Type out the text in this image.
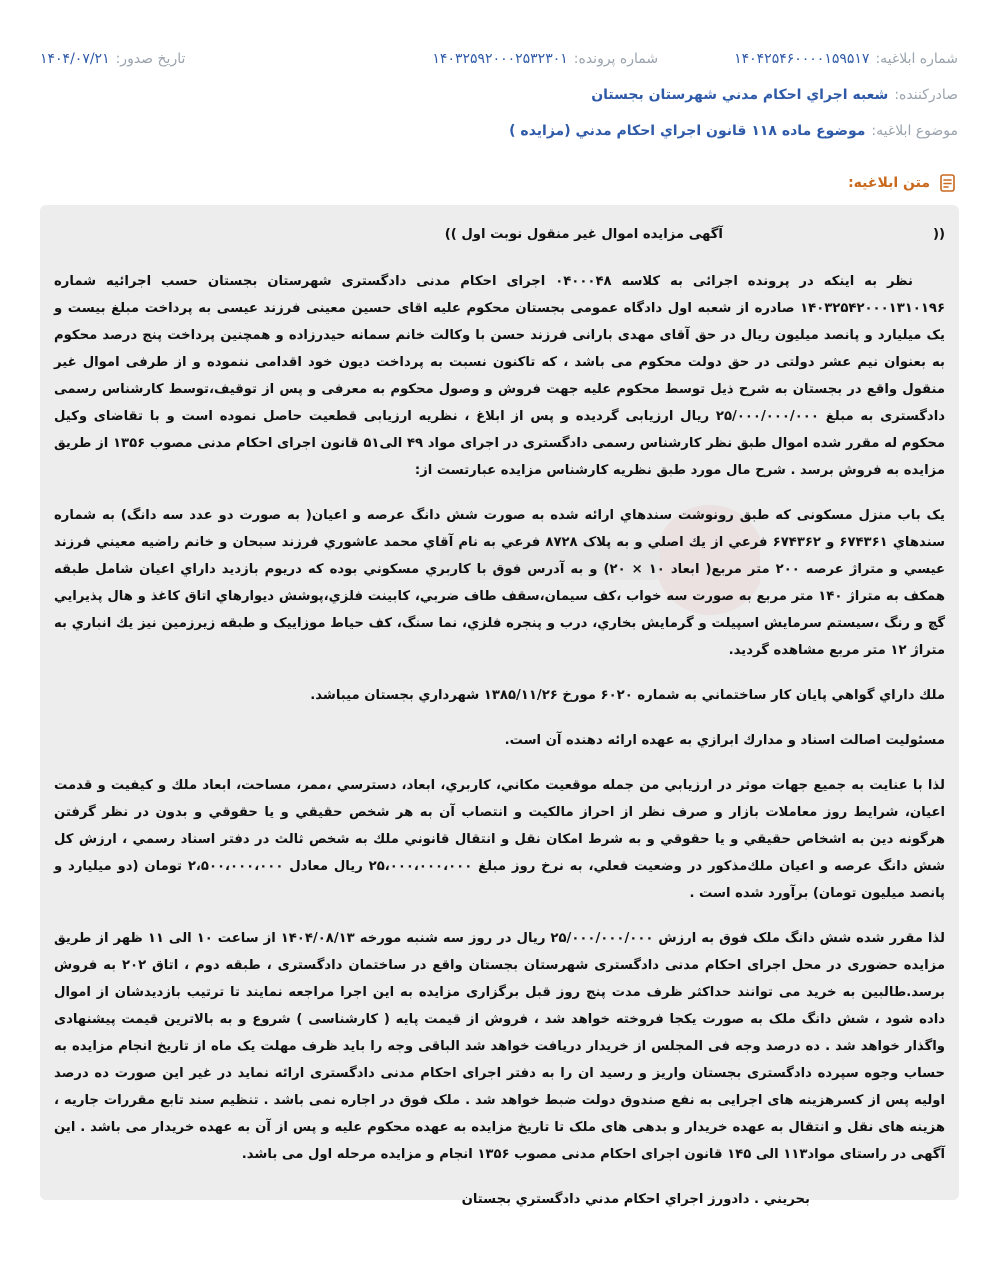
شماره ابلاغيه:
۱۴۰۴۲۵۴۶۰۰۰۰۱۵۹۵۱۷
شماره پرونده:
۱۴۰۳۲۵۹۲۰۰۰۲۵۳۲۳۰۱
تاريخ صدور:
۱۴۰۴/۰۷/۲۱
صادرکننده:
شعبه اجراي احکام مدني شهرستان بجستان
موضوع ابلاغيه:
موضوع ماده ۱۱۸ قانون اجراي احکام مدني (مزايده )
متن ابلاغيه:

((
آگهی مزایده اموال غیر منقول نوبت اول ))

نظر به اینکه در پرونده اجرائی به کلاسه ۰۴۰۰۰۴۸ اجرای احکام مدنی دادگستری شهرستان بجستان حسب اجرائیه شماره ۱۴۰۳۲۵۴۲۰۰۰۱۳۱۰۱۹۶ صادره از شعبه اول دادگاه عمومی بجستان محکوم علیه اقای حسین معینی فرزند عیسی به پرداخت مبلغ بیست و یک میلیارد و پانصد میلیون ریال در حق آقای مهدی بارانی فرزند حسن با وکالت خانم سمانه حیدرزاده و همچنین پرداخت پنج درصد محکوم به بعنوان نیم عشر دولتی در حق دولت محکوم می باشد ، که تاکنون نسبت به پرداخت دیون خود اقدامی ننموده و از طرفی اموال غیر منقول واقع در بجستان به شرح ذیل توسط محکوم علیه جهت فروش و وصول محکوم به معرفی و پس از توقیف،توسط کارشناس رسمی دادگستری به مبلغ ۲۵/۰۰۰/۰۰۰/۰۰۰ ریال ارزیابی گردیده و پس از ابلاغ ، نظریه ارزیابی قطعیت حاصل نموده است و با تقاضای وکیل محکوم له مقرر شده اموال طبق نظر کارشناس رسمی دادگستری در اجرای مواد ۴۹ الی۵۱ قانون اجرای احکام مدنی مصوب ۱۳۵۶ از طریق مزایده به فروش برسد . شرح مال مورد طبق نظریه کارشناس مزایده عبارتست از:

یک باب منزل مسکونی که طبق رونوشت سندهاي ارائه شده به صورت شش دانگ عرصه و اعیان( به صورت دو عدد سه دانگ) به شماره سندهاي ۶۷۴۳۶۱ و ۶۷۴۳۶۲ فرعي از يك اصلي و به پلاک ۸۷۲۸ فرعي به نام آقاي محمد عاشوري فرزند سبحان و خانم راضيه معيني فرزند عيسي و متراژ عرصه ۲۰۰ متر مربع( ابعاد ۱۰ × ۲۰) و به آدرس فوق با کاربري مسکوني بوده که دريوم بازديد داراي اعيان شامل طبقه همکف به متراژ ۱۴۰ متر مربع به صورت سه خواب ،کف سيمان،سقف طاف ضربي، کابينت فلزي،پوشش ديوارهاي اتاق کاغذ و هال پذيرايي گچ و رنگ ،سيستم سرمايش اسپيلت و گرمايش بخاري، درب و پنجره فلزي، نما سنگ، کف حياط موزاييک و طبقه زيرزمين نيز يك انباري به متراژ ۱۲ متر مربع مشاهده گرديد.

ملك داراي گواهي پايان كار ساختماني به شماره ۶۰۲۰ مورخ ۱۳۸۵/۱۱/۲۶ شهرداري بجستان ميباشد.

مسئوليت اصالت اسناد و مدارك ابرازي به عهده ارائه دهنده آن است.

لذا با عنايت به جميع جهات موثر در ارزيابي من جمله موقعيت مكاني، كاربري، ابعاد، دسترسي ،ممر، مساحت، ابعاد ملك و كيفيت و قدمت اعيان، شرايط روز معاملات بازار و صرف نظر از احراز مالكيت و انتصاب آن به هر شخص حقيقي و يا حقوقي و بدون در نظر گرفتن هرگونه دين به اشخاص حقيقي و يا حقوقي و به شرط امكان نقل و انتقال قانوني ملك به شخص ثالث در دفتر اسناد رسمي ، ارزش كل شش دانگ عرصه و اعيان ملك‌مذكور در وضعيت فعلي، به نرخ روز مبلغ ۲۵،۰۰۰،۰۰۰،۰۰۰ ريال معادل ۲،۵۰۰،۰۰۰،۰۰۰ تومان (دو ميليارد و پانصد ميليون تومان) برآورد شده است .

لذا مقرر شده شش دانگ ملک فوق به ارزش ۲۵/۰۰۰/۰۰۰/۰۰۰ ریال در روز سه شنبه مورخه ۱۴۰۴/۰۸/۱۳ از ساعت ۱۰ الی ۱۱ ظهر از طریق مزایده حضوری در محل اجرای احکام مدنی دادگستری شهرستان بجستان واقع در ساختمان دادگستری ، طبقه دوم ، اتاق ۲۰۲ به فروش برسد.طالبین به خرید می توانند حداکثر ظرف مدت پنج روز قبل برگزاری مزایده به این اجرا مراجعه نمایند تا ترتیب بازدیدشان از اموال داده شود ، شش دانگ ملک به صورت یکجا فروخته خواهد شد ، فروش از قیمت پایه ( کارشناسی ) شروع و به بالاترین قیمت پیشنهادی واگذار خواهد شد . ده درصد وجه فی المجلس از خریدار دریافت خواهد شد الباقی وجه را باید ظرف مهلت یک ماه از تاریخ انجام مزایده به حساب وجوه سپرده دادگستری بجستان واریز و رسید ان را به دفتر اجرای احکام مدنی دادگستری ارائه نماید در غیر این صورت ده درصد اولیه پس از کسرهزینه های اجرایی به نفع صندوق دولت ضبط خواهد شد . ملک فوق در اجاره نمی باشد . تنظیم سند تابع مقررات جاریه ، هزینه های نقل و انتقال به عهده خریدار و بدهی های ملک تا تاریخ مزایده به عهده محکوم علیه و پس از آن به عهده خریدار می باشد . این آگهی در راستای مواد۱۱۳ الی ۱۴۵ قانون اجرای احکام مدنی مصوب ۱۳۵۶ انجام و مزایده مرحله اول می باشد.

بحريني . دادورز اجراي احکام مدني دادگستري بجستان
